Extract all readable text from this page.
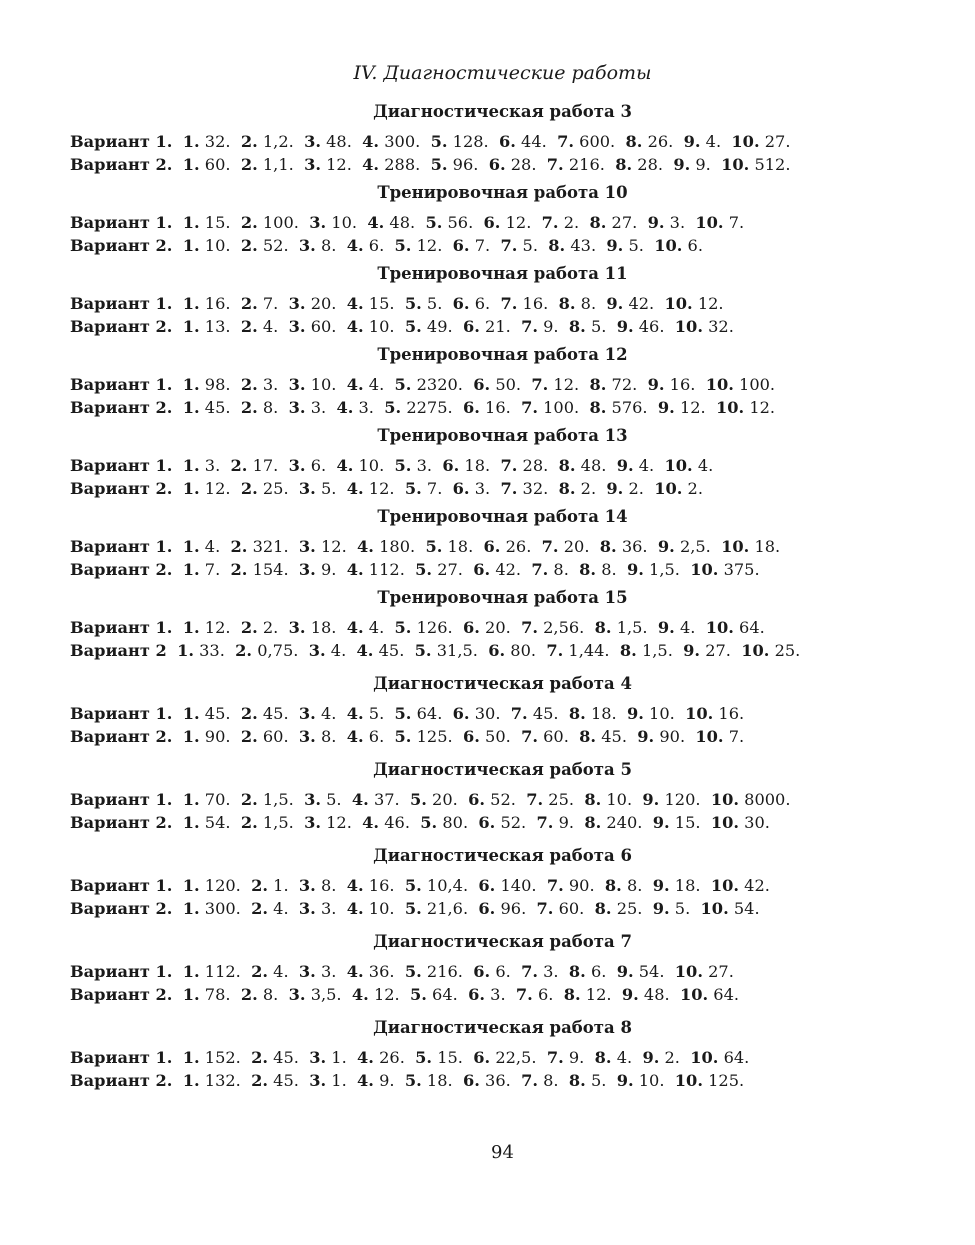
IV. Диагностические работы
Диагностическая работа 3
Вариант 1. 1. 32. 2. 1,2. 3. 48. 4. 300. 5. 128. 6. 44. 7. 600. 8. 26. 9. 4. 10. 27.
Вариант 2. 1. 60. 2. 1,1. 3. 12. 4. 288. 5. 96. 6. 28. 7. 216. 8. 28. 9. 9. 10. 512.
Тренировочная работа 10
Вариант 1. 1. 15. 2. 100. 3. 10. 4. 48. 5. 56. 6. 12. 7. 2. 8. 27. 9. 3. 10. 7.
Вариант 2. 1. 10. 2. 52. 3. 8. 4. 6. 5. 12. 6. 7. 7. 5. 8. 43. 9. 5. 10. 6.
Тренировочная работа 11
Вариант 1. 1. 16. 2. 7. 3. 20. 4. 15. 5. 5. 6. 6. 7. 16. 8. 8. 9. 42. 10. 12.
Вариант 2. 1. 13. 2. 4. 3. 60. 4. 10. 5. 49. 6. 21. 7. 9. 8. 5. 9. 46. 10. 32.
Тренировочная работа 12
Вариант 1. 1. 98. 2. 3. 3. 10. 4. 4. 5. 2320. 6. 50. 7. 12. 8. 72. 9. 16. 10. 100.
Вариант 2. 1. 45. 2. 8. 3. 3. 4. 3. 5. 2275. 6. 16. 7. 100. 8. 576. 9. 12. 10. 12.
Тренировочная работа 13
Вариант 1. 1. 3. 2. 17. 3. 6. 4. 10. 5. 3. 6. 18. 7. 28. 8. 48. 9. 4. 10. 4.
Вариант 2. 1. 12. 2. 25. 3. 5. 4. 12. 5. 7. 6. 3. 7. 32. 8. 2. 9. 2. 10. 2.
Тренировочная работа 14
Вариант 1. 1. 4. 2. 321. 3. 12. 4. 180. 5. 18. 6. 26. 7. 20. 8. 36. 9. 2,5. 10. 18.
Вариант 2. 1. 7. 2. 154. 3. 9. 4. 112. 5. 27. 6. 42. 7. 8. 8. 8. 9. 1,5. 10. 375.
Тренировочная работа 15
Вариант 1. 1. 12. 2. 2. 3. 18. 4. 4. 5. 126. 6. 20. 7. 2,56. 8. 1,5. 9. 4. 10. 64.
Вариант 2 1. 33. 2. 0,75. 3. 4. 4. 45. 5. 31,5. 6. 80. 7. 1,44. 8. 1,5. 9. 27. 10. 25.
Диагностическая работа 4
Вариант 1. 1. 45. 2. 45. 3. 4. 4. 5. 5. 64. 6. 30. 7. 45. 8. 18. 9. 10. 10. 16.
Вариант 2. 1. 90. 2. 60. 3. 8. 4. 6. 5. 125. 6. 50. 7. 60. 8. 45. 9. 90. 10. 7.
Диагностическая работа 5
Вариант 1. 1. 70. 2. 1,5. 3. 5. 4. 37. 5. 20. 6. 52. 7. 25. 8. 10. 9. 120. 10. 8000.
Вариант 2. 1. 54. 2. 1,5. 3. 12. 4. 46. 5. 80. 6. 52. 7. 9. 8. 240. 9. 15. 10. 30.
Диагностическая работа 6
Вариант 1. 1. 120. 2. 1. 3. 8. 4. 16. 5. 10,4. 6. 140. 7. 90. 8. 8. 9. 18. 10. 42.
Вариант 2. 1. 300. 2. 4. 3. 3. 4. 10. 5. 21,6. 6. 96. 7. 60. 8. 25. 9. 5. 10. 54.
Диагностическая работа 7
Вариант 1. 1. 112. 2. 4. 3. 3. 4. 36. 5. 216. 6. 6. 7. 3. 8. 6. 9. 54. 10. 27.
Вариант 2. 1. 78. 2. 8. 3. 3,5. 4. 12. 5. 64. 6. 3. 7. 6. 8. 12. 9. 48. 10. 64.
Диагностическая работа 8
Вариант 1. 1. 152. 2. 45. 3. 1. 4. 26. 5. 15. 6. 22,5. 7. 9. 8. 4. 9. 2. 10. 64.
Вариант 2. 1. 132. 2. 45. 3. 1. 4. 9. 5. 18. 6. 36. 7. 8. 8. 5. 9. 10. 10. 125.
94
